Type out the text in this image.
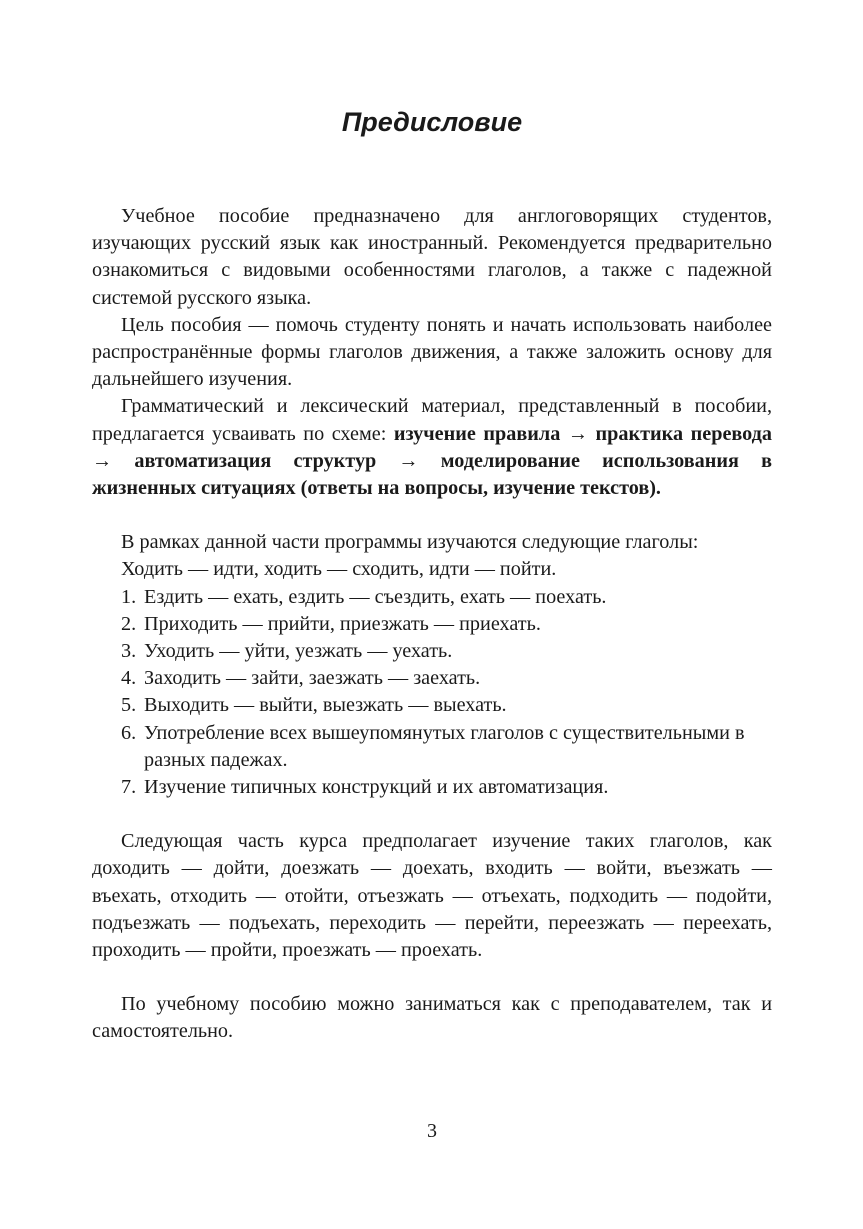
Предисловие

Учебное пособие предназначено для англоговорящих студентов, изучающих русский язык как иностранный. Рекомендуется предварительно ознакомиться с видовыми особенностями глаголов, а также с падежной системой русского языка.

Цель пособия — помочь студенту понять и начать использовать наиболее распространённые формы глаголов движения, а также заложить основу для дальнейшего изучения.

Грамматический и лексический материал, представленный в пособии, предлагается усваивать по схеме: изучение правила → практика перевода → автоматизация структур → моделирование использования в жизненных ситуациях (ответы на вопросы, изучение текстов).

В рамках данной части программы изучаются следующие глаголы:

Ходить — идти, ходить — сходить, идти — пойти.

1. Ездить — ехать, ездить — съездить, ехать — поехать.
2. Приходить — прийти, приезжать — приехать.
3. Уходить — уйти, уезжать — уехать.
4. Заходить — зайти, заезжать — заехать.
5. Выходить — выйти, выезжать — выехать.
6. Употребление всех вышеупомянутых глаголов с существительными в разных падежах.
7. Изучение типичных конструкций и их автоматизация.

Следующая часть курса предполагает изучение таких глаголов, как доходить — дойти, доезжать — доехать, входить — войти, въезжать — въехать, отходить — отойти, отъезжать — отъехать, подходить — подойти, подъезжать — подъехать, переходить — перейти, переезжать — переехать, проходить — пройти, проезжать — проехать.

По учебному пособию можно заниматься как с преподавателем, так и самостоятельно.

3
